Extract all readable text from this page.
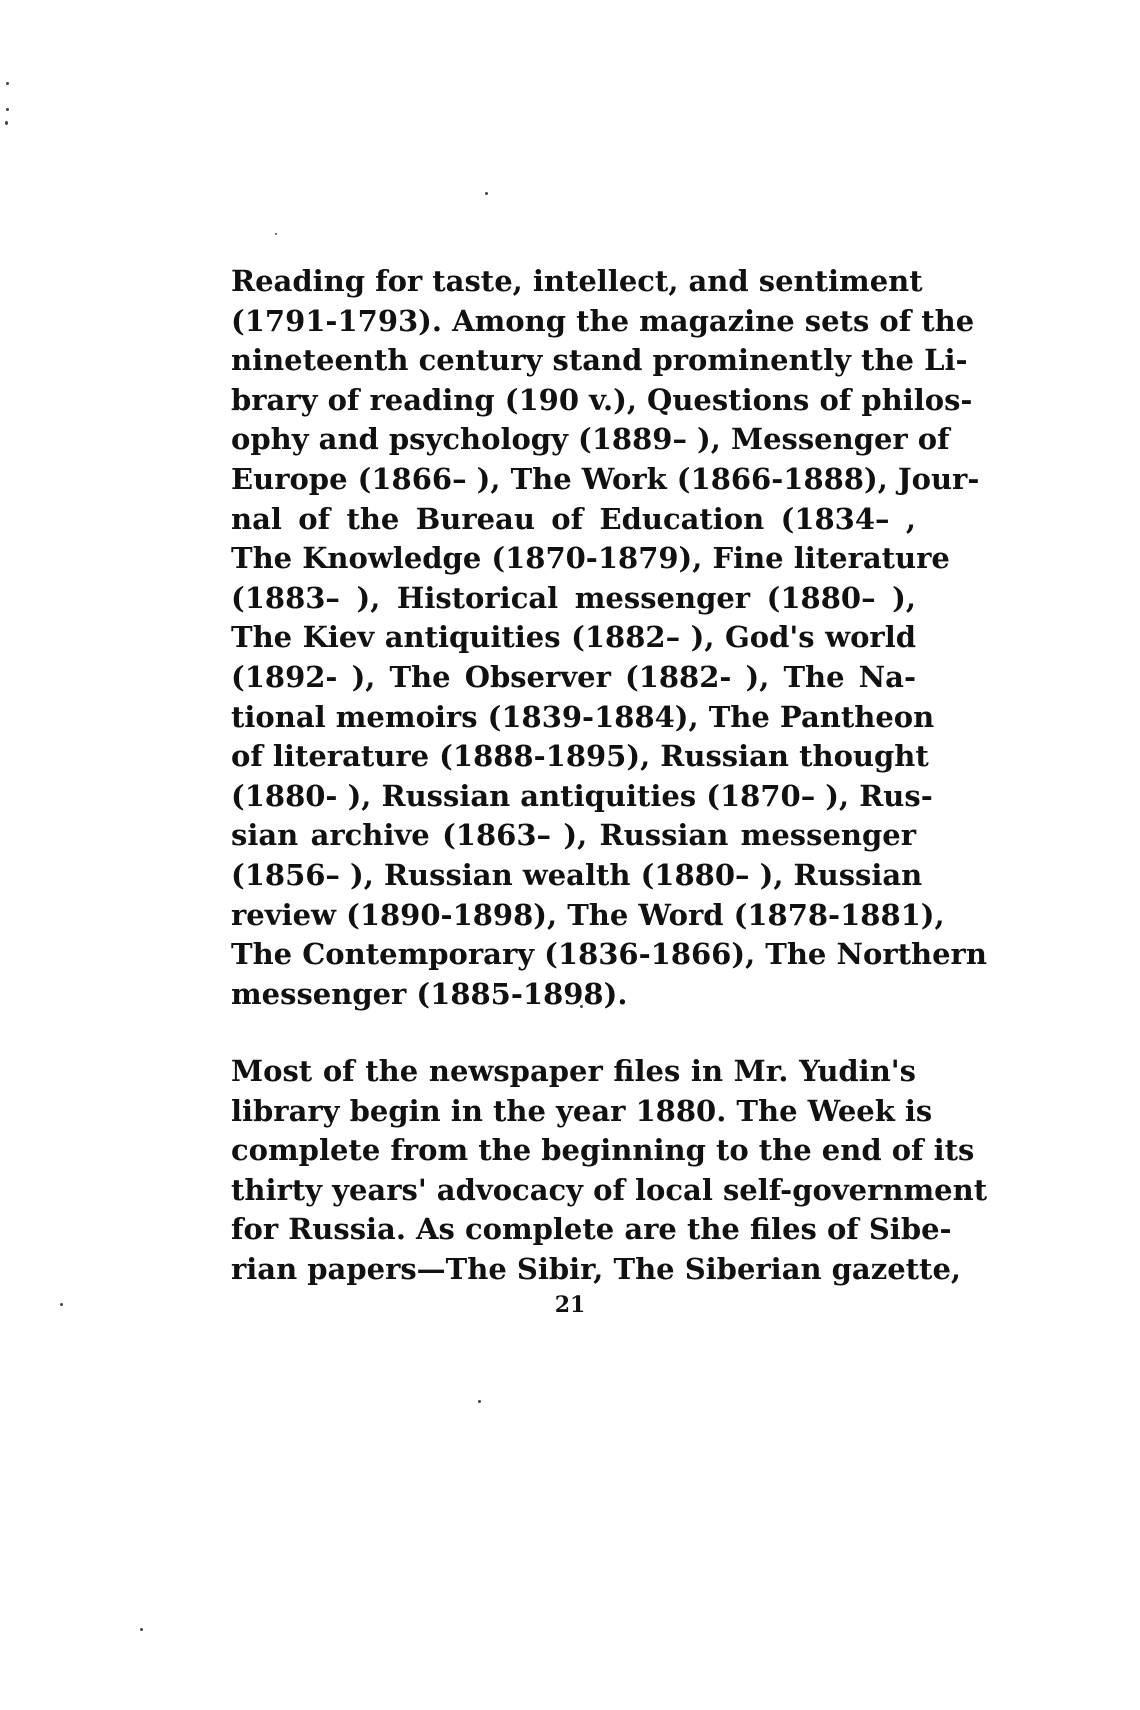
Reading for taste, intellect, and sentiment
(1791-1793). Among the magazine sets of the
nineteenth century stand prominently the Li-
brary of reading (190 v.), Questions of philos-
ophy and psychology (1889– ), Messenger of
Europe (1866– ), The Work (1866-1888), Jour-
nal of the Bureau of Education (1834– ,
The Knowledge (1870-1879), Fine literature
(1883– ), Historical messenger (1880– ),
The Kiev antiquities (1882– ), God's world
(1892- ), The Observer (1882- ), The Na-
tional memoirs (1839-1884), The Pantheon
of literature (1888-1895), Russian thought
(1880- ), Russian antiquities (1870– ), Rus-
sian archive (1863– ), Russian messenger
(1856– ), Russian wealth (1880– ), Russian
review (1890-1898), The Word (1878-1881),
The Contemporary (1836-1866), The Northern
messenger (1885-1898).
Most of the newspaper files in Mr. Yudin's
library begin in the year 1880. The Week is
complete from the beginning to the end of its
thirty years' advocacy of local self-government
for Russia. As complete are the files of Sibe-
rian papers—The Sibir, The Siberian gazette,
21
